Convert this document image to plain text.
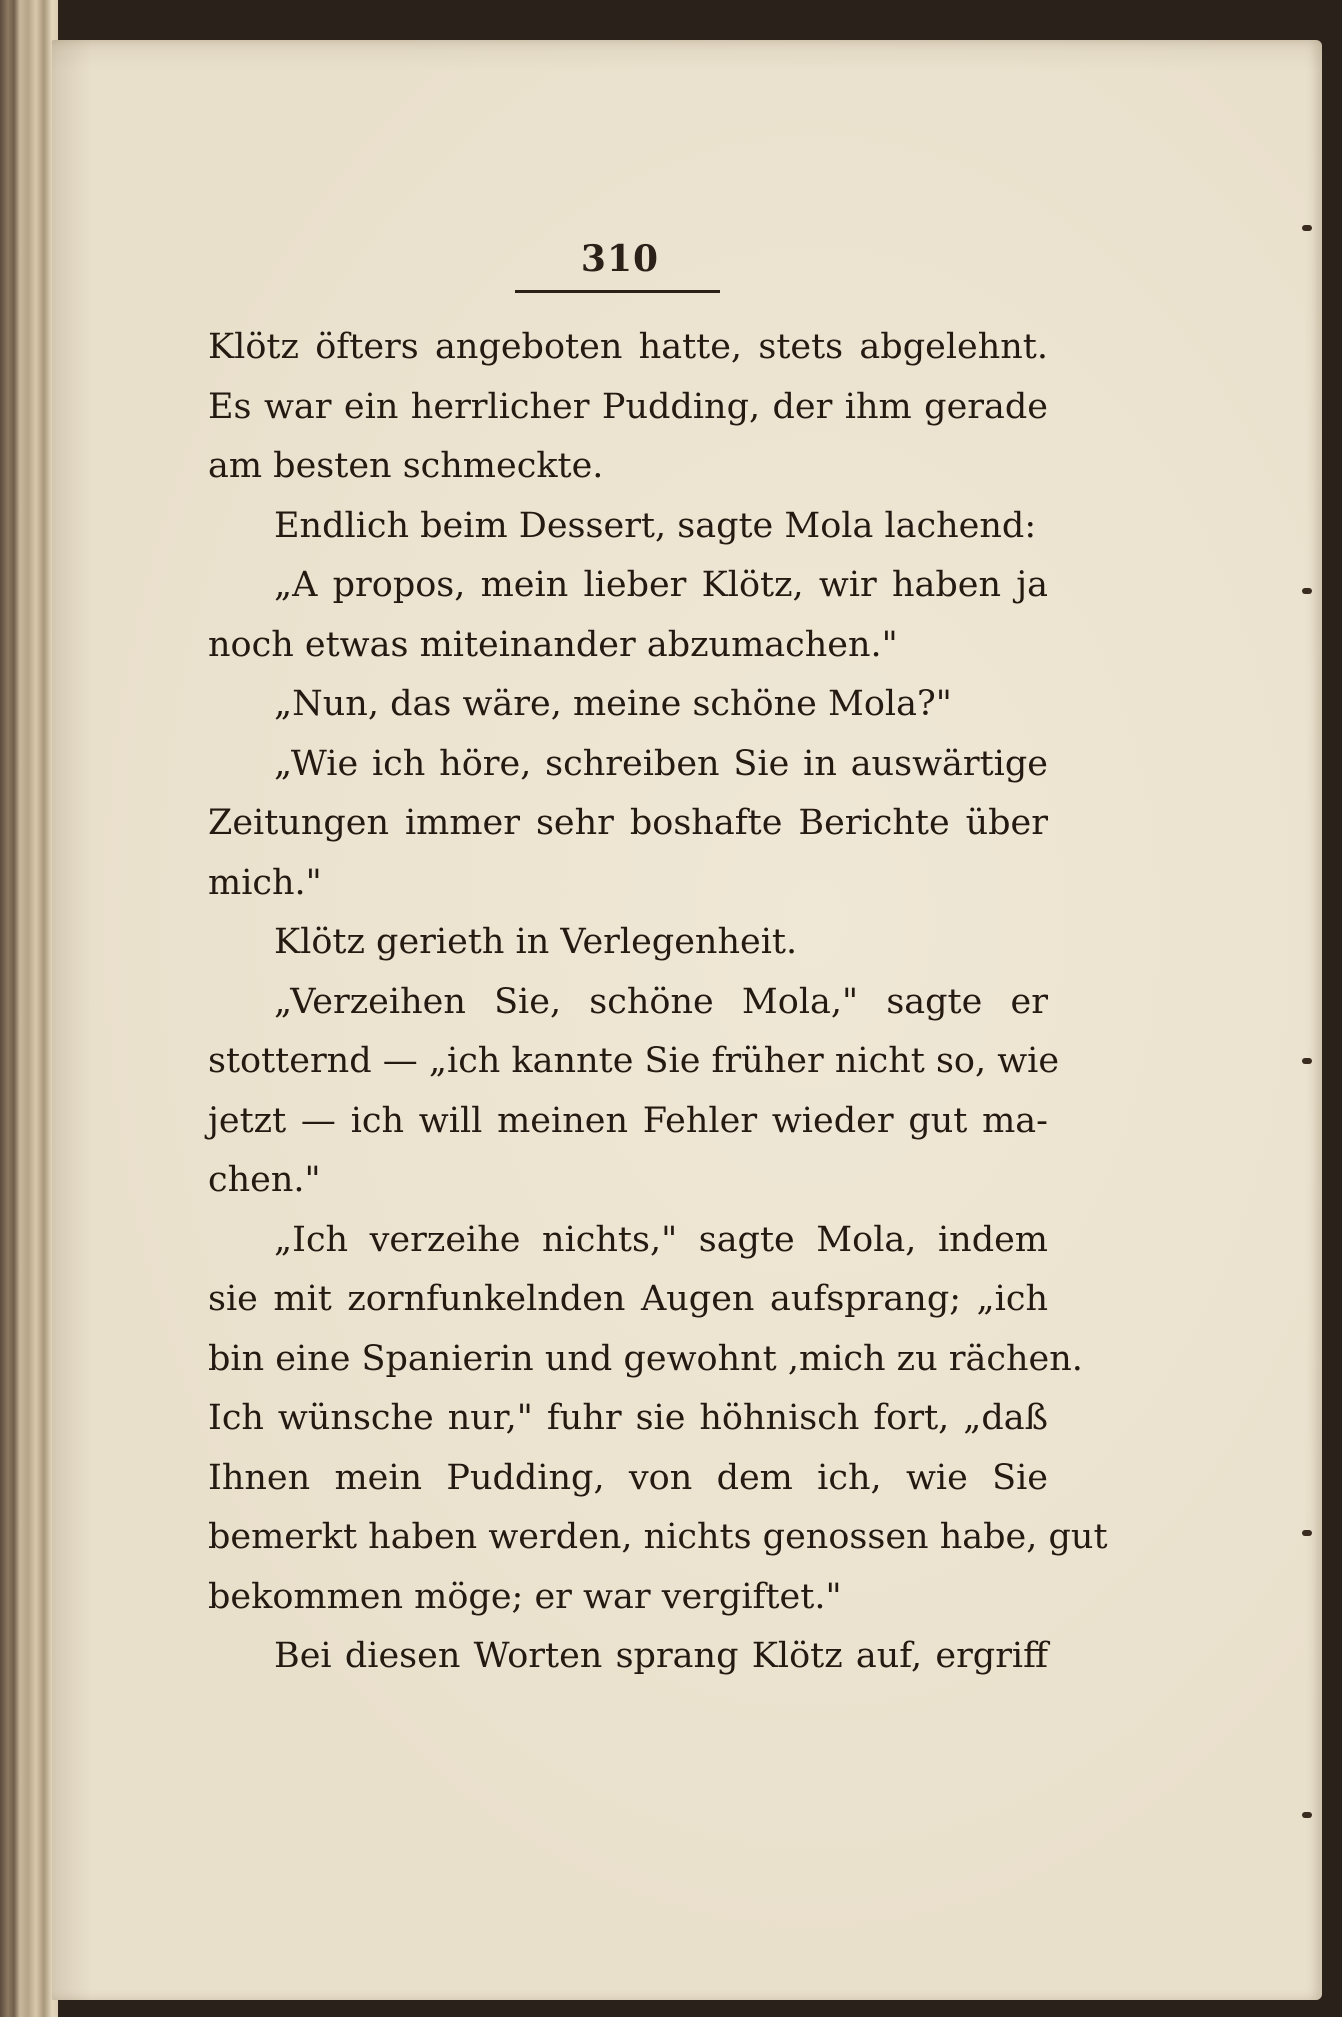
310
Klötz öfters angeboten hatte, stets abgelehnt.
Es war ein herrlicher Pudding, der ihm gerade
am besten schmeckte.
Endlich beim Dessert, sagte Mola lachend:
„A propos, mein lieber Klötz, wir haben ja
noch etwas miteinander abzumachen."
„Nun, das wäre, meine schöne Mola?"
„Wie ich höre, schreiben Sie in auswärtige
Zeitungen immer sehr boshafte Berichte über
mich."
Klötz gerieth in Verlegenheit.
„Verzeihen Sie, schöne Mola," sagte er
stotternd — „ich kannte Sie früher nicht so, wie
jetzt — ich will meinen Fehler wieder gut ma-
chen."
„Ich verzeihe nichts," sagte Mola, indem
sie mit zornfunkelnden Augen aufsprang; „ich
bin eine Spanierin und gewohnt ,mich zu rächen.
Ich wünsche nur," fuhr sie höhnisch fort, „daß
Ihnen mein Pudding, von dem ich, wie Sie
bemerkt haben werden, nichts genossen habe, gut
bekommen möge; er war vergiftet."
Bei diesen Worten sprang Klötz auf, ergriff
